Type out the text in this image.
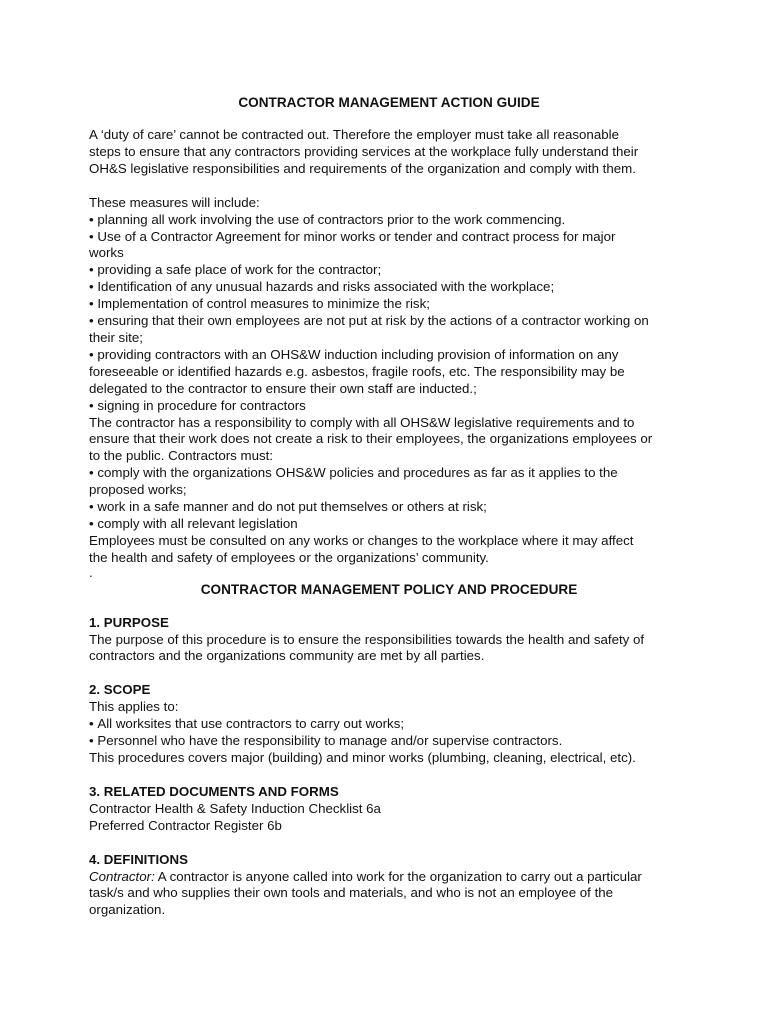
CONTRACTOR MANAGEMENT ACTION GUIDE

A ‘duty of care’ cannot be contracted out. Therefore the employer must take all reasonable

steps to ensure that any contractors providing services at the workplace fully understand their

OH&S legislative responsibilities and requirements of the organization and comply with them.

These measures will include:

• planning all work involving the use of contractors prior to the work commencing.

• Use of a Contractor Agreement for minor works or tender and contract process for major

works

• providing a safe place of work for the contractor;

• Identification of any unusual hazards and risks associated with the workplace;

• Implementation of control measures to minimize the risk;

• ensuring that their own employees are not put at risk by the actions of a contractor working on

their site;

• providing contractors with an OHS&W induction including provision of information on any

foreseeable or identified hazards e.g. asbestos, fragile roofs, etc. The responsibility may be

delegated to the contractor to ensure their own staff are inducted.;

• signing in procedure for contractors

The contractor has a responsibility to comply with all OHS&W legislative requirements and to

ensure that their work does not create a risk to their employees, the organizations employees or

to the public. Contractors must:

• comply with the organizations OHS&W policies and procedures as far as it applies to the

proposed works;

• work in a safe manner and do not put themselves or others at risk;

• comply with all relevant legislation

Employees must be consulted on any works or changes to the workplace where it may affect

the health and safety of employees or the organizations’ community.

.

CONTRACTOR MANAGEMENT POLICY AND PROCEDURE

1. PURPOSE

The purpose of this procedure is to ensure the responsibilities towards the health and safety of

contractors and the organizations community are met by all parties.

2. SCOPE

This applies to:

• All worksites that use contractors to carry out works;

• Personnel who have the responsibility to manage and/or supervise contractors.

This procedures covers major (building) and minor works (plumbing, cleaning, electrical, etc).

3. RELATED DOCUMENTS AND FORMS

Contractor Health & Safety Induction Checklist 6a

Preferred Contractor Register 6b

4. DEFINITIONS

Contractor: A contractor is anyone called into work for the organization to carry out a particular

task/s and who supplies their own tools and materials, and who is not an employee of the

organization.
